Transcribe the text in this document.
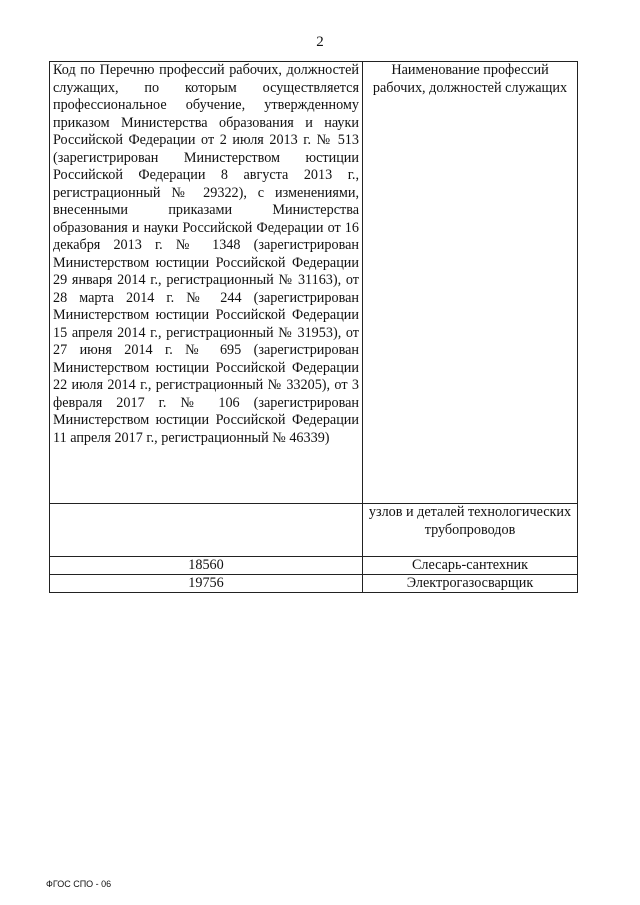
2
Код по Перечню профессий рабочих, должностей служащих, по которым осуществляется профессиональное обучение, утвержденному приказом Министерства образования и науки Российской Федерации от 2 июля 2013 г. № 513 (зарегистрирован Министерством юстиции Российской Федерации 8 августа 2013 г., регистрационный № 29322), с изменениями, внесенными приказами Министерства образования и науки Российской Федерации от 16 декабря 2013 г. № 1348 (зарегистрирован Министерством юстиции Российской Федерации 29 января 2014 г., регистрационный № 31163), от 28 марта 2014 г. № 244 (зарегистрирован Министерством юстиции Российской Федерации 15 апреля 2014 г., регистрационный № 31953), от 27 июня 2014 г. № 695 (зарегистрирован Министерством юстиции Российской Федерации 22 июля 2014 г., регистрационный № 33205), от 3 февраля 2017 г. № 106 (зарегистрирован Министерством юстиции Российской Федерации 11 апреля 2017 г., регистрационный № 46339)	Наименование профессий рабочих, должностей служащих
	узлов и деталей технологических трубопроводов
18560	Слесарь-сантехник
19756	Электрогазосварщик
ФГОС СПО - 06
